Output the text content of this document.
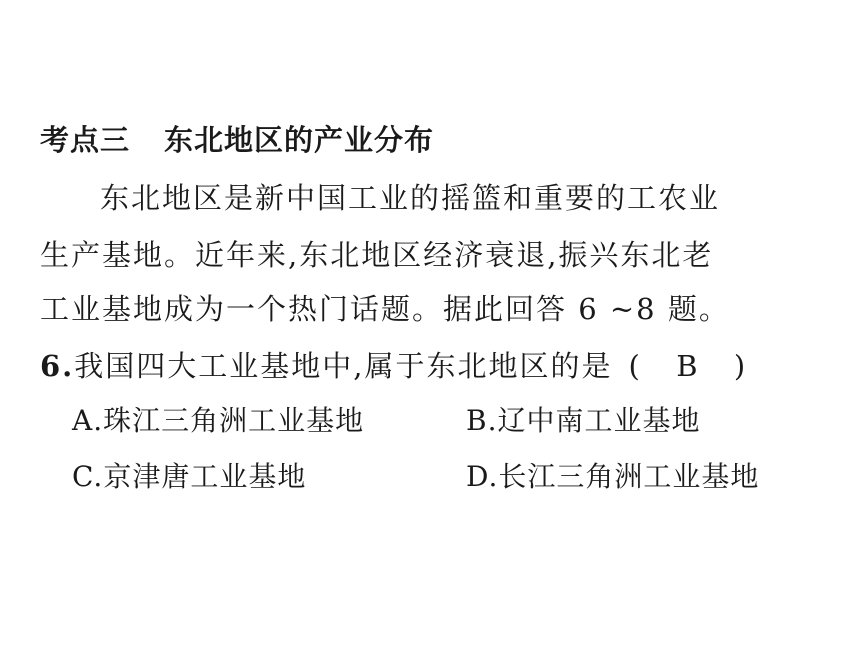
考点三 东北地区的产业分布
东北地区是新中国工业的摇篮和重要的工农业
生产基地。近年来,东北地区经济衰退,振兴东北老
工业基地成为一个热门话题。据此回答 6 ~8 题。
6.我国四大工业基地中,属于东北地区的是 ( B )
A.珠江三角洲工业基地	B.辽中南工业基地
C.京津唐工业基地	D.长江三角洲工业基地
